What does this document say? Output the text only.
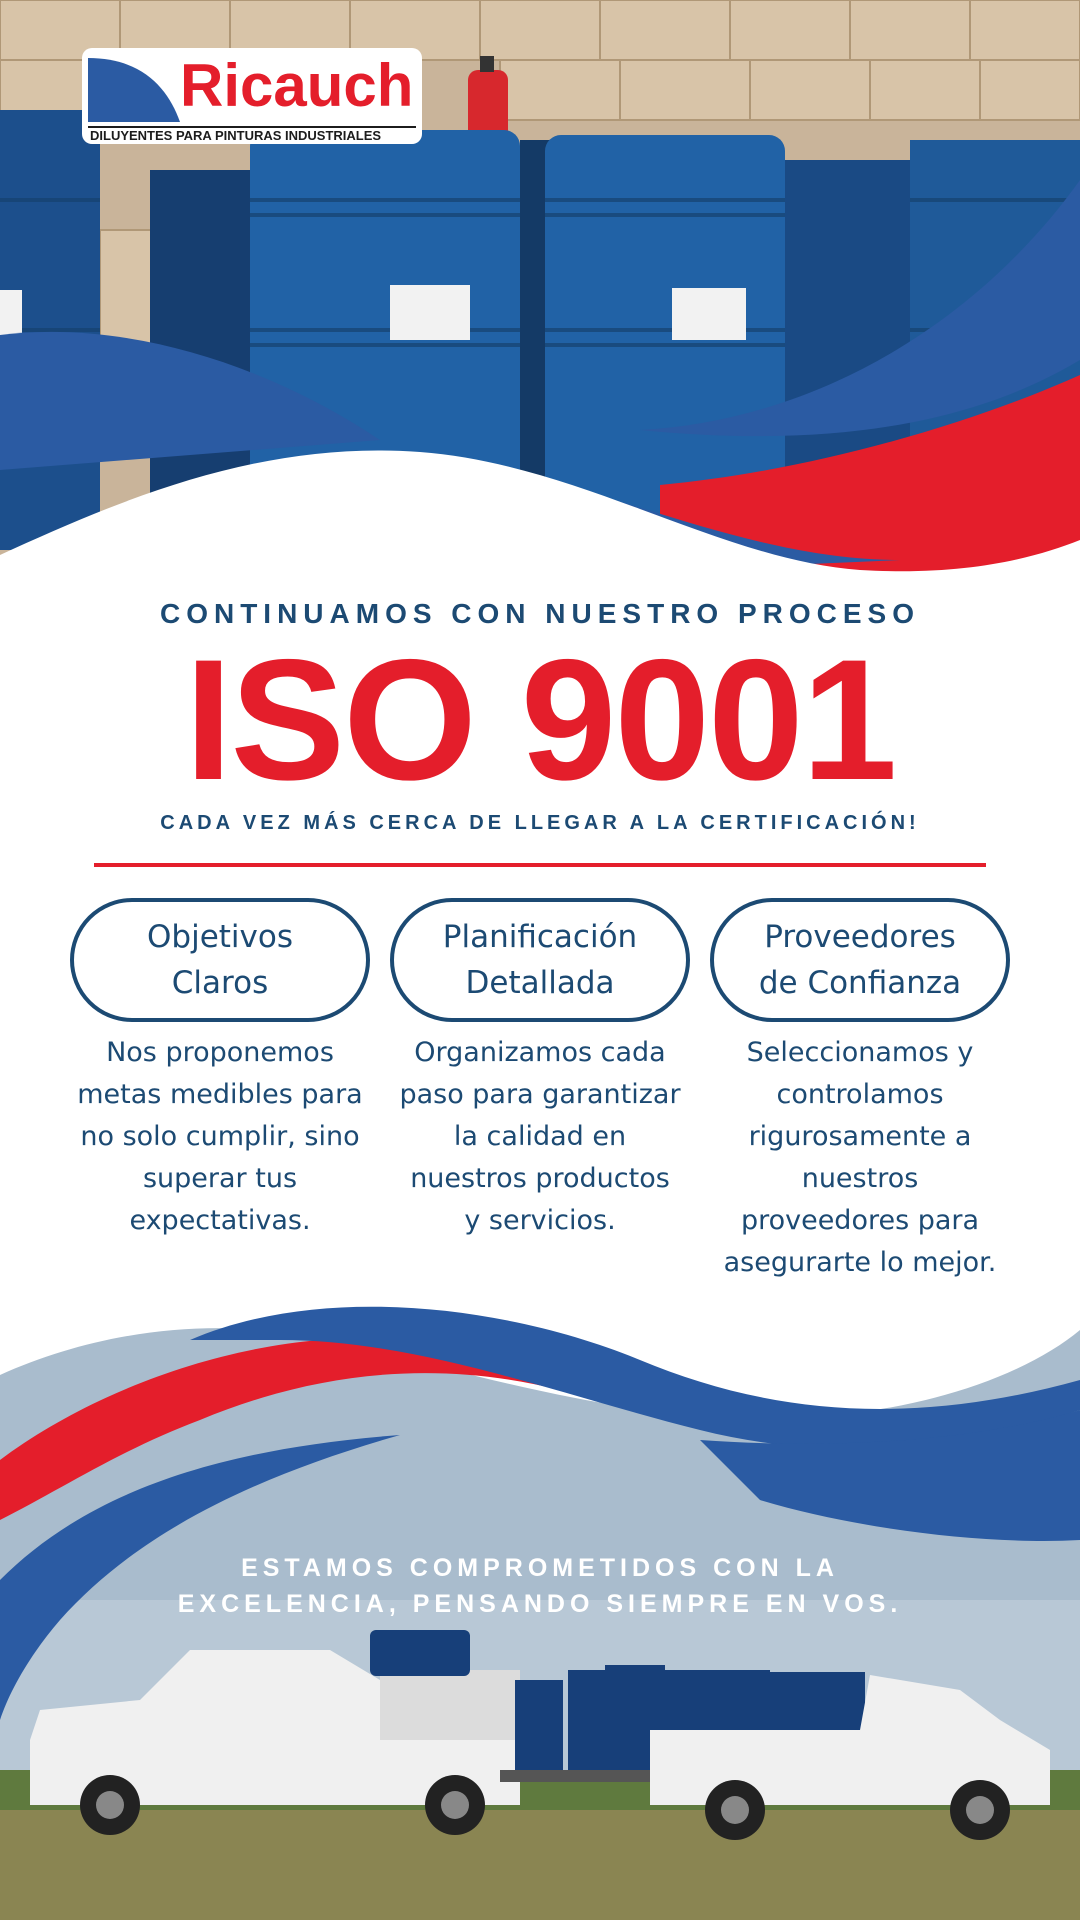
Ricauch
DILUYENTES PARA PINTURAS INDUSTRIALES
CONTINUAMOS CON NUESTRO PROCESO
ISO 9001
CADA VEZ MÁS CERCA DE LLEGAR A LA CERTIFICACIÓN!
Objetivos
Claros
Nos proponemos
metas medibles para
no solo cumplir, sino
superar tus
expectativas.
Planificación
Detallada
Organizamos cada
paso para garantizar
la calidad en
nuestros productos
y servicios.
Proveedores
de Confianza
Seleccionamos y
controlamos
rigurosamente a
nuestros
proveedores para
asegurarte lo mejor.
ESTAMOS COMPROMETIDOS CON LA
EXCELENCIA, PENSANDO SIEMPRE EN VOS.
